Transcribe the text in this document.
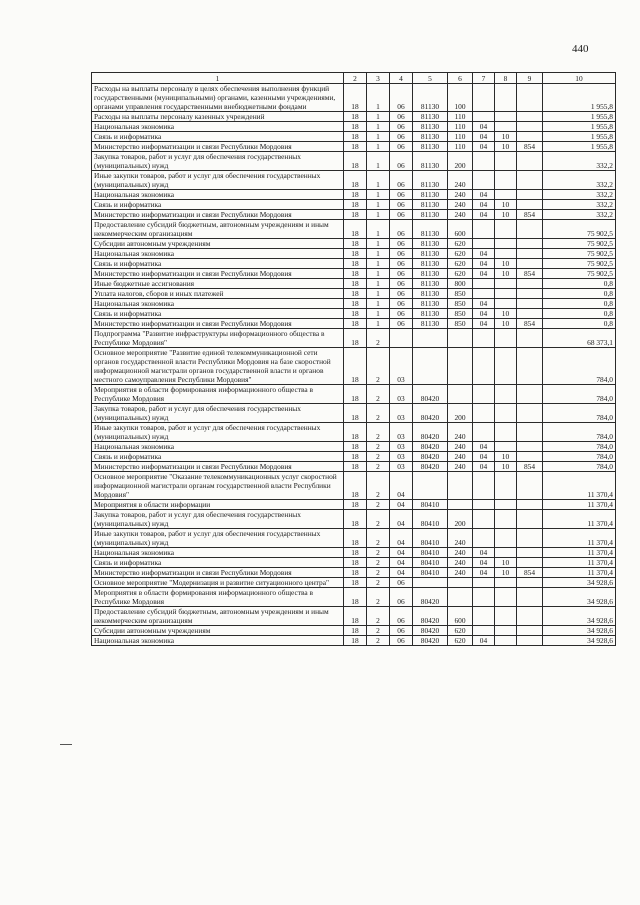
440
1	2	3	4	5	6	7	8	9	10
Расходы на выплаты персоналу в целях обеспечения выполнения функций государственными (муниципальными) органами, казенными учреждениями, органами управления государственными внебюджетными фондами	18	1	06	81130	100				1 955,8
Расходы на выплаты персоналу казенных учреждений	18	1	06	81130	110				1 955,8
Национальная экономика	18	1	06	81130	110	04			1 955,8
Связь и информатика	18	1	06	81130	110	04	10		1 955,8
Министерство информатизации и связи Республики Мордовия	18	1	06	81130	110	04	10	854	1 955,8
Закупка товаров, работ и услуг для обеспечения государственных (муниципальных) нужд	18	1	06	81130	200				332,2
Иные закупки товаров, работ и услуг для обеспечения государственных (муниципальных) нужд	18	1	06	81130	240				332,2
Национальная экономика	18	1	06	81130	240	04			332,2
Связь и информатика	18	1	06	81130	240	04	10		332,2
Министерство информатизации и связи Республики Мордовия	18	1	06	81130	240	04	10	854	332,2
Предоставление субсидий бюджетным, автономным учреждениям и иным некоммерческим организациям	18	1	06	81130	600				75 902,5
Субсидии автономным учреждениям	18	1	06	81130	620				75 902,5
Национальная экономика	18	1	06	81130	620	04			75 902,5
Связь и информатика	18	1	06	81130	620	04	10		75 902,5
Министерство информатизации и связи Республики Мордовия	18	1	06	81130	620	04	10	854	75 902,5
Иные бюджетные ассигнования	18	1	06	81130	800				0,8
Уплата налогов, сборов и иных платежей	18	1	06	81130	850				0,8
Национальная экономика	18	1	06	81130	850	04			0,8
Связь и информатика	18	1	06	81130	850	04	10		0,8
Министерство информатизации и связи Республики Мордовия	18	1	06	81130	850	04	10	854	0,8
Подпрограмма "Развитие инфраструктуры информационного общества в Республике Мордовия"	18	2							68 373,1
Основное мероприятие "Развитие единой телекоммуникационной сети органов государственной власти Республики Мордовия на базе скоростной информационной магистрали органов государственной власти и органов местного самоуправления Республики Мордовия"	18	2	03						784,0
Мероприятия в области формирования информационного общества в Республике Мордовия	18	2	03	80420					784,0
Закупка товаров, работ и услуг для обеспечения государственных (муниципальных) нужд	18	2	03	80420	200				784,0
Иные закупки товаров, работ и услуг для обеспечения государственных (муниципальных) нужд	18	2	03	80420	240				784,0
Национальная экономика	18	2	03	80420	240	04			784,0
Связь и информатика	18	2	03	80420	240	04	10		784,0
Министерство информатизации и связи Республики Мордовия	18	2	03	80420	240	04	10	854	784,0
Основное мероприятие "Оказание телекоммуникационных услуг скоростной информационной магистрали органам государственной власти Республики Мордовия"	18	2	04						11 370,4
Мероприятия в области информации	18	2	04	80410					11 370,4
Закупка товаров, работ и услуг для обеспечения государственных (муниципальных) нужд	18	2	04	80410	200				11 370,4
Иные закупки товаров, работ и услуг для обеспечения государственных (муниципальных) нужд	18	2	04	80410	240				11 370,4
Национальная экономика	18	2	04	80410	240	04			11 370,4
Связь и информатика	18	2	04	80410	240	04	10		11 370,4
Министерство информатизации и связи Республики Мордовия	18	2	04	80410	240	04	10	854	11 370,4
Основное мероприятие "Модернизация и развитие ситуационного центра"	18	2	06						34 928,6
Мероприятия в области формирования информационного общества в Республике Мордовия	18	2	06	80420					34 928,6
Предоставление субсидий бюджетным, автономным учреждениям и иным некоммерческим организациям	18	2	06	80420	600				34 928,6
Субсидии автономным учреждениям	18	2	06	80420	620				34 928,6
Национальная экономика	18	2	06	80420	620	04			34 928,6
